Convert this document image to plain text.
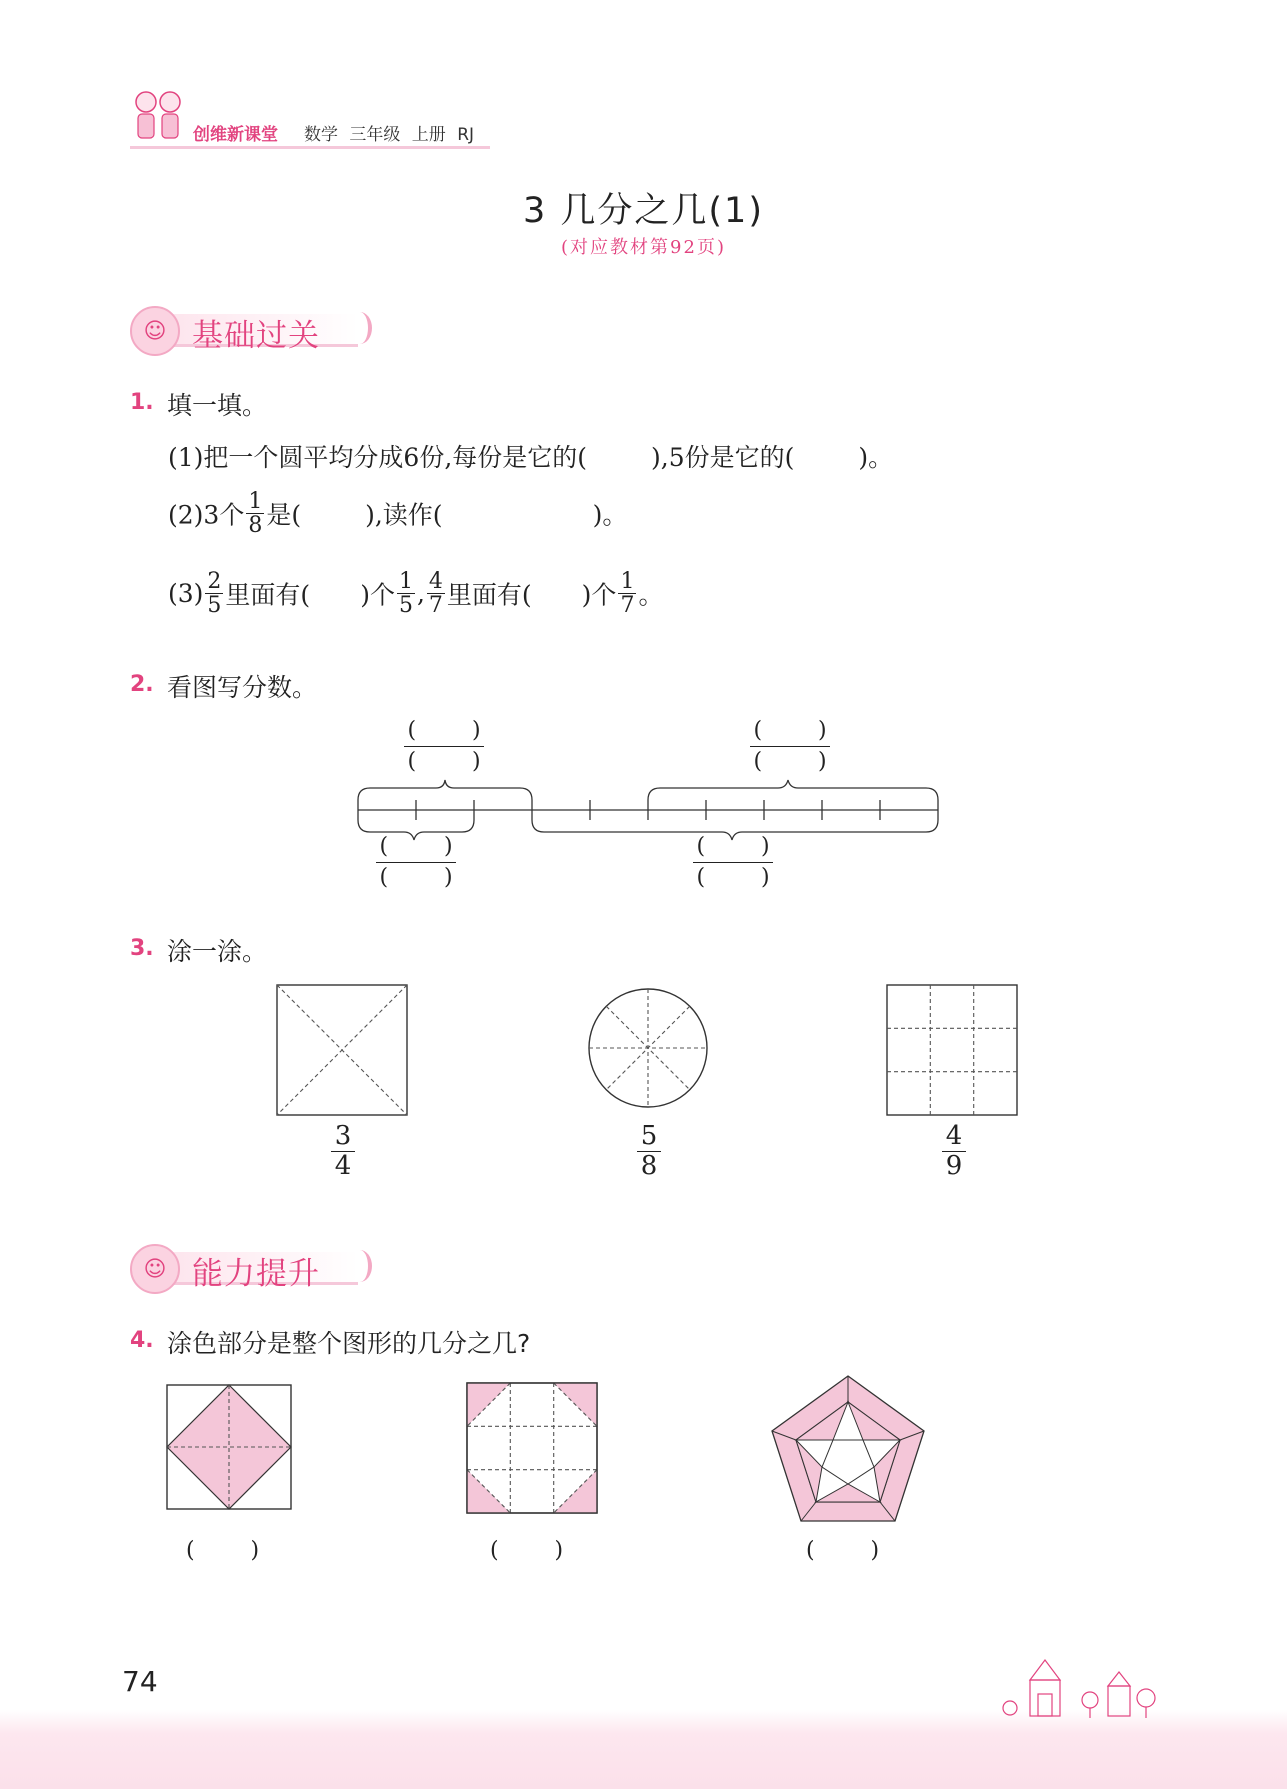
创维新课堂 数学 三年级 上册 RJ
3 几分之几(1)
(对应教材第92页)
☺ 基础过关
1. 填一填。
(1)把一个圆平均分成6份,每份是它的(	),5份是它的(	)。
(2)3个 $\frac{1}{8}$ 是(	),读作(	)。
$(3) \frac{2}{5}$ 里面有( )个 $\frac{1}{5}$ , $\frac{4}{7}$ 里面有( )个 $\frac{1}{7}$ 。
2. 看图写分数。
(        )
(        )
(        )
(        )
(        )
(        )
(        )
(        )
3. 涂一涂。
$\frac{3}{4}$	$\frac{5}{8}$	$\frac{4}{9}$
☺ 能力提升
4. 涂色部分是整个图形的几分之几?
(        )	(        )	(        )
74
